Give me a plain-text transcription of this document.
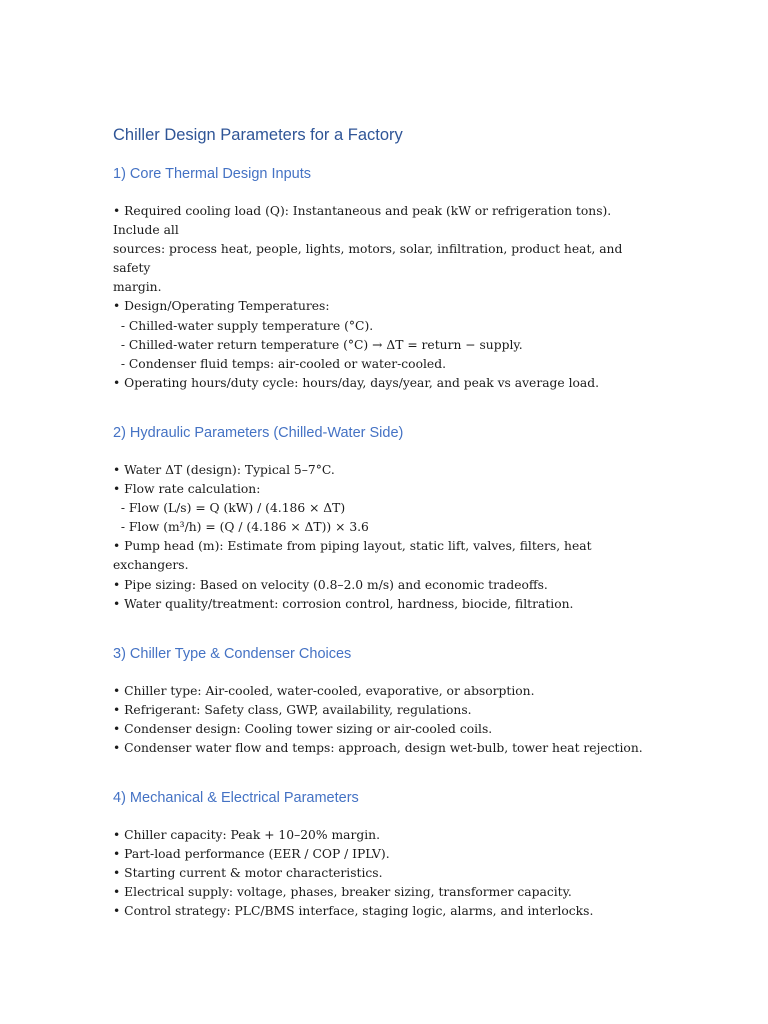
Chiller Design Parameters for a Factory
1) Core Thermal Design Inputs
• Required cooling load (Q): Instantaneous and peak (kW or refrigeration tons). Include all
sources: process heat, people, lights, motors, solar, infiltration, product heat, and safety
margin.
• Design/Operating Temperatures:
- Chilled-water supply temperature (°C).
- Chilled-water return temperature (°C) → ΔT = return − supply.
- Condenser fluid temps: air-cooled or water-cooled.
• Operating hours/duty cycle: hours/day, days/year, and peak vs average load.
2) Hydraulic Parameters (Chilled-Water Side)
• Water ΔT (design): Typical 5–7°C.
• Flow rate calculation:
- Flow (L/s) = Q (kW) / (4.186 × ΔT)
- Flow (m³/h) = (Q / (4.186 × ΔT)) × 3.6
• Pump head (m): Estimate from piping layout, static lift, valves, filters, heat exchangers.
• Pipe sizing: Based on velocity (0.8–2.0 m/s) and economic tradeoffs.
• Water quality/treatment: corrosion control, hardness, biocide, filtration.
3) Chiller Type & Condenser Choices
• Chiller type: Air-cooled, water-cooled, evaporative, or absorption.
• Refrigerant: Safety class, GWP, availability, regulations.
• Condenser design: Cooling tower sizing or air-cooled coils.
• Condenser water flow and temps: approach, design wet-bulb, tower heat rejection.
4) Mechanical & Electrical Parameters
• Chiller capacity: Peak + 10–20% margin.
• Part-load performance (EER / COP / IPLV).
• Starting current & motor characteristics.
• Electrical supply: voltage, phases, breaker sizing, transformer capacity.
• Control strategy: PLC/BMS interface, staging logic, alarms, and interlocks.
